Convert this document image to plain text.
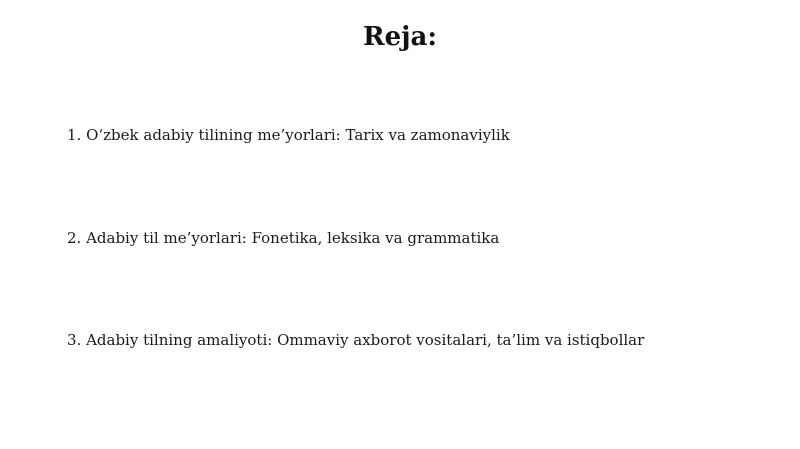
Reja:
1. O‘zbek adabiy tilining me’yorlari: Tarix va zamonaviylik
2. Adabiy til me’yorlari: Fonetika, leksika va grammatika
3. Adabiy tilning amaliyoti: Ommaviy axborot vositalari, ta’lim va istiqbollar
